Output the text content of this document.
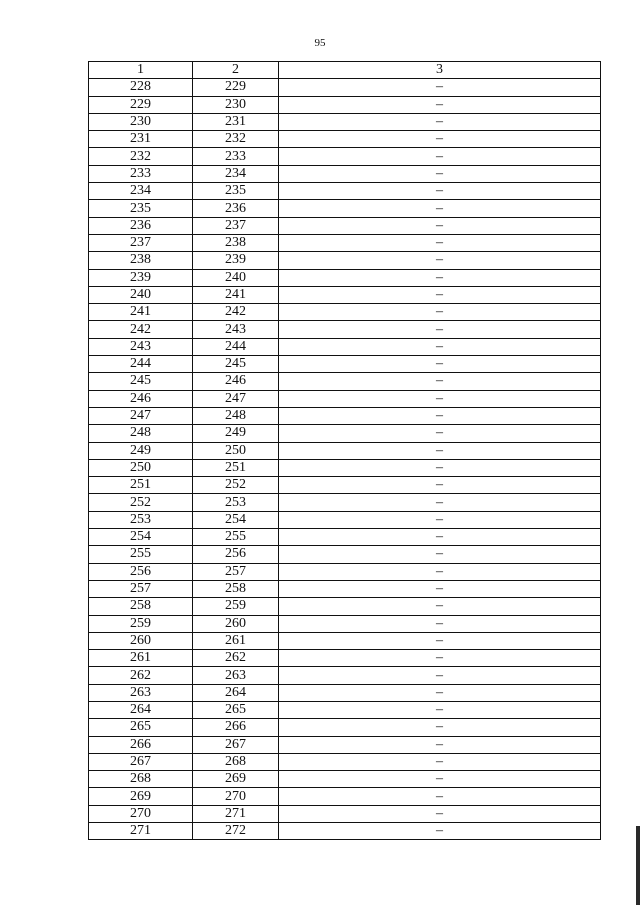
95
1	2	3
228	229	–
229	230	–
230	231	–
231	232	–
232	233	–
233	234	–
234	235	–
235	236	–
236	237	–
237	238	–
238	239	–
239	240	–
240	241	–
241	242	–
242	243	–
243	244	–
244	245	–
245	246	–
246	247	–
247	248	–
248	249	–
249	250	–
250	251	–
251	252	–
252	253	–
253	254	–
254	255	–
255	256	–
256	257	–
257	258	–
258	259	–
259	260	–
260	261	–
261	262	–
262	263	–
263	264	–
264	265	–
265	266	–
266	267	–
267	268	–
268	269	–
269	270	–
270	271	–
271	272	–
